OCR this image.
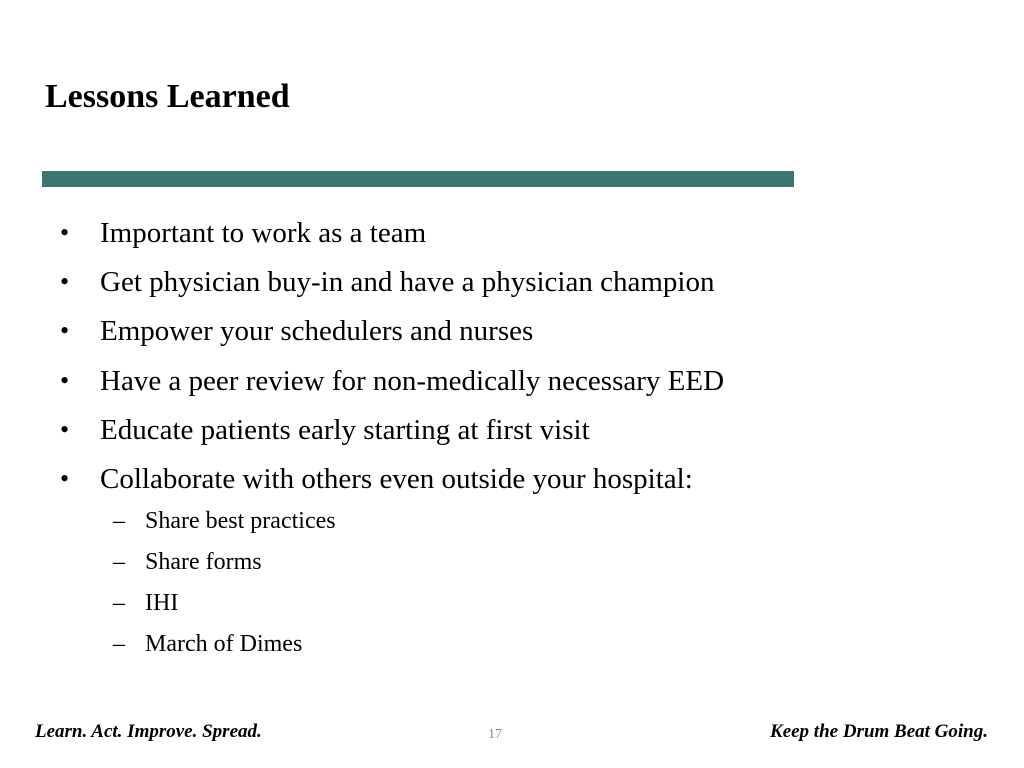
Lessons Learned
• Important to work as a team
• Get physician buy-in and have a physician champion
• Empower your schedulers and nurses
• Have a peer review for non-medically necessary EED
• Educate patients early starting at first visit
• Collaborate with others even outside your hospital:
– Share best practices
– Share forms
– IHI
– March of Dimes
Learn. Act. Improve. Spread.	17	Keep the Drum Beat Going.
